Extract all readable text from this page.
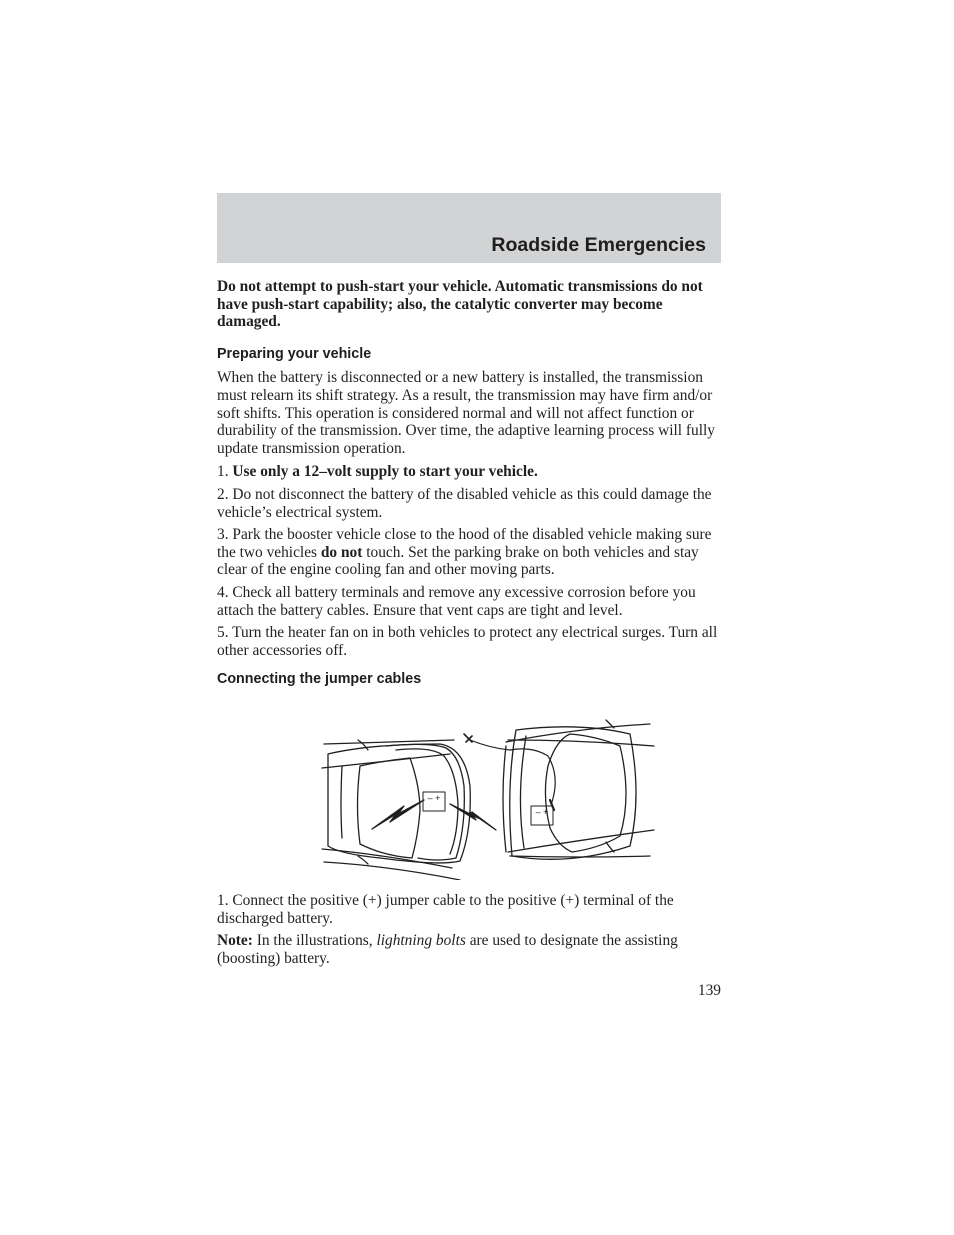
Roadside Emergencies

Do not attempt to push-start your vehicle. Automatic transmissions do not have push-start capability; also, the catalytic converter may become damaged.

Preparing your vehicle

When the battery is disconnected or a new battery is installed, the transmission must relearn its shift strategy. As a result, the transmission may have firm and/or soft shifts. This operation is considered normal and will not affect function or durability of the transmission. Over time, the adaptive learning process will fully update transmission operation.

1. Use only a 12–volt supply to start your vehicle.

2. Do not disconnect the battery of the disabled vehicle as this could damage the vehicle’s electrical system.

3. Park the booster vehicle close to the hood of the disabled vehicle making sure the two vehicles do not touch. Set the parking brake on both vehicles and stay clear of the engine cooling fan and other moving parts.

4. Check all battery terminals and remove any excessive corrosion before you attach the battery cables. Ensure that vent caps are tight and level.

5. Turn the heater fan on in both vehicles to protect any electrical surges. Turn all other accessories off.

Connecting the jumper cables

– +
– +

1. Connect the positive (+) jumper cable to the positive (+) terminal of the discharged battery.

Note: In the illustrations, lightning bolts are used to designate the assisting (boosting) battery.

139
